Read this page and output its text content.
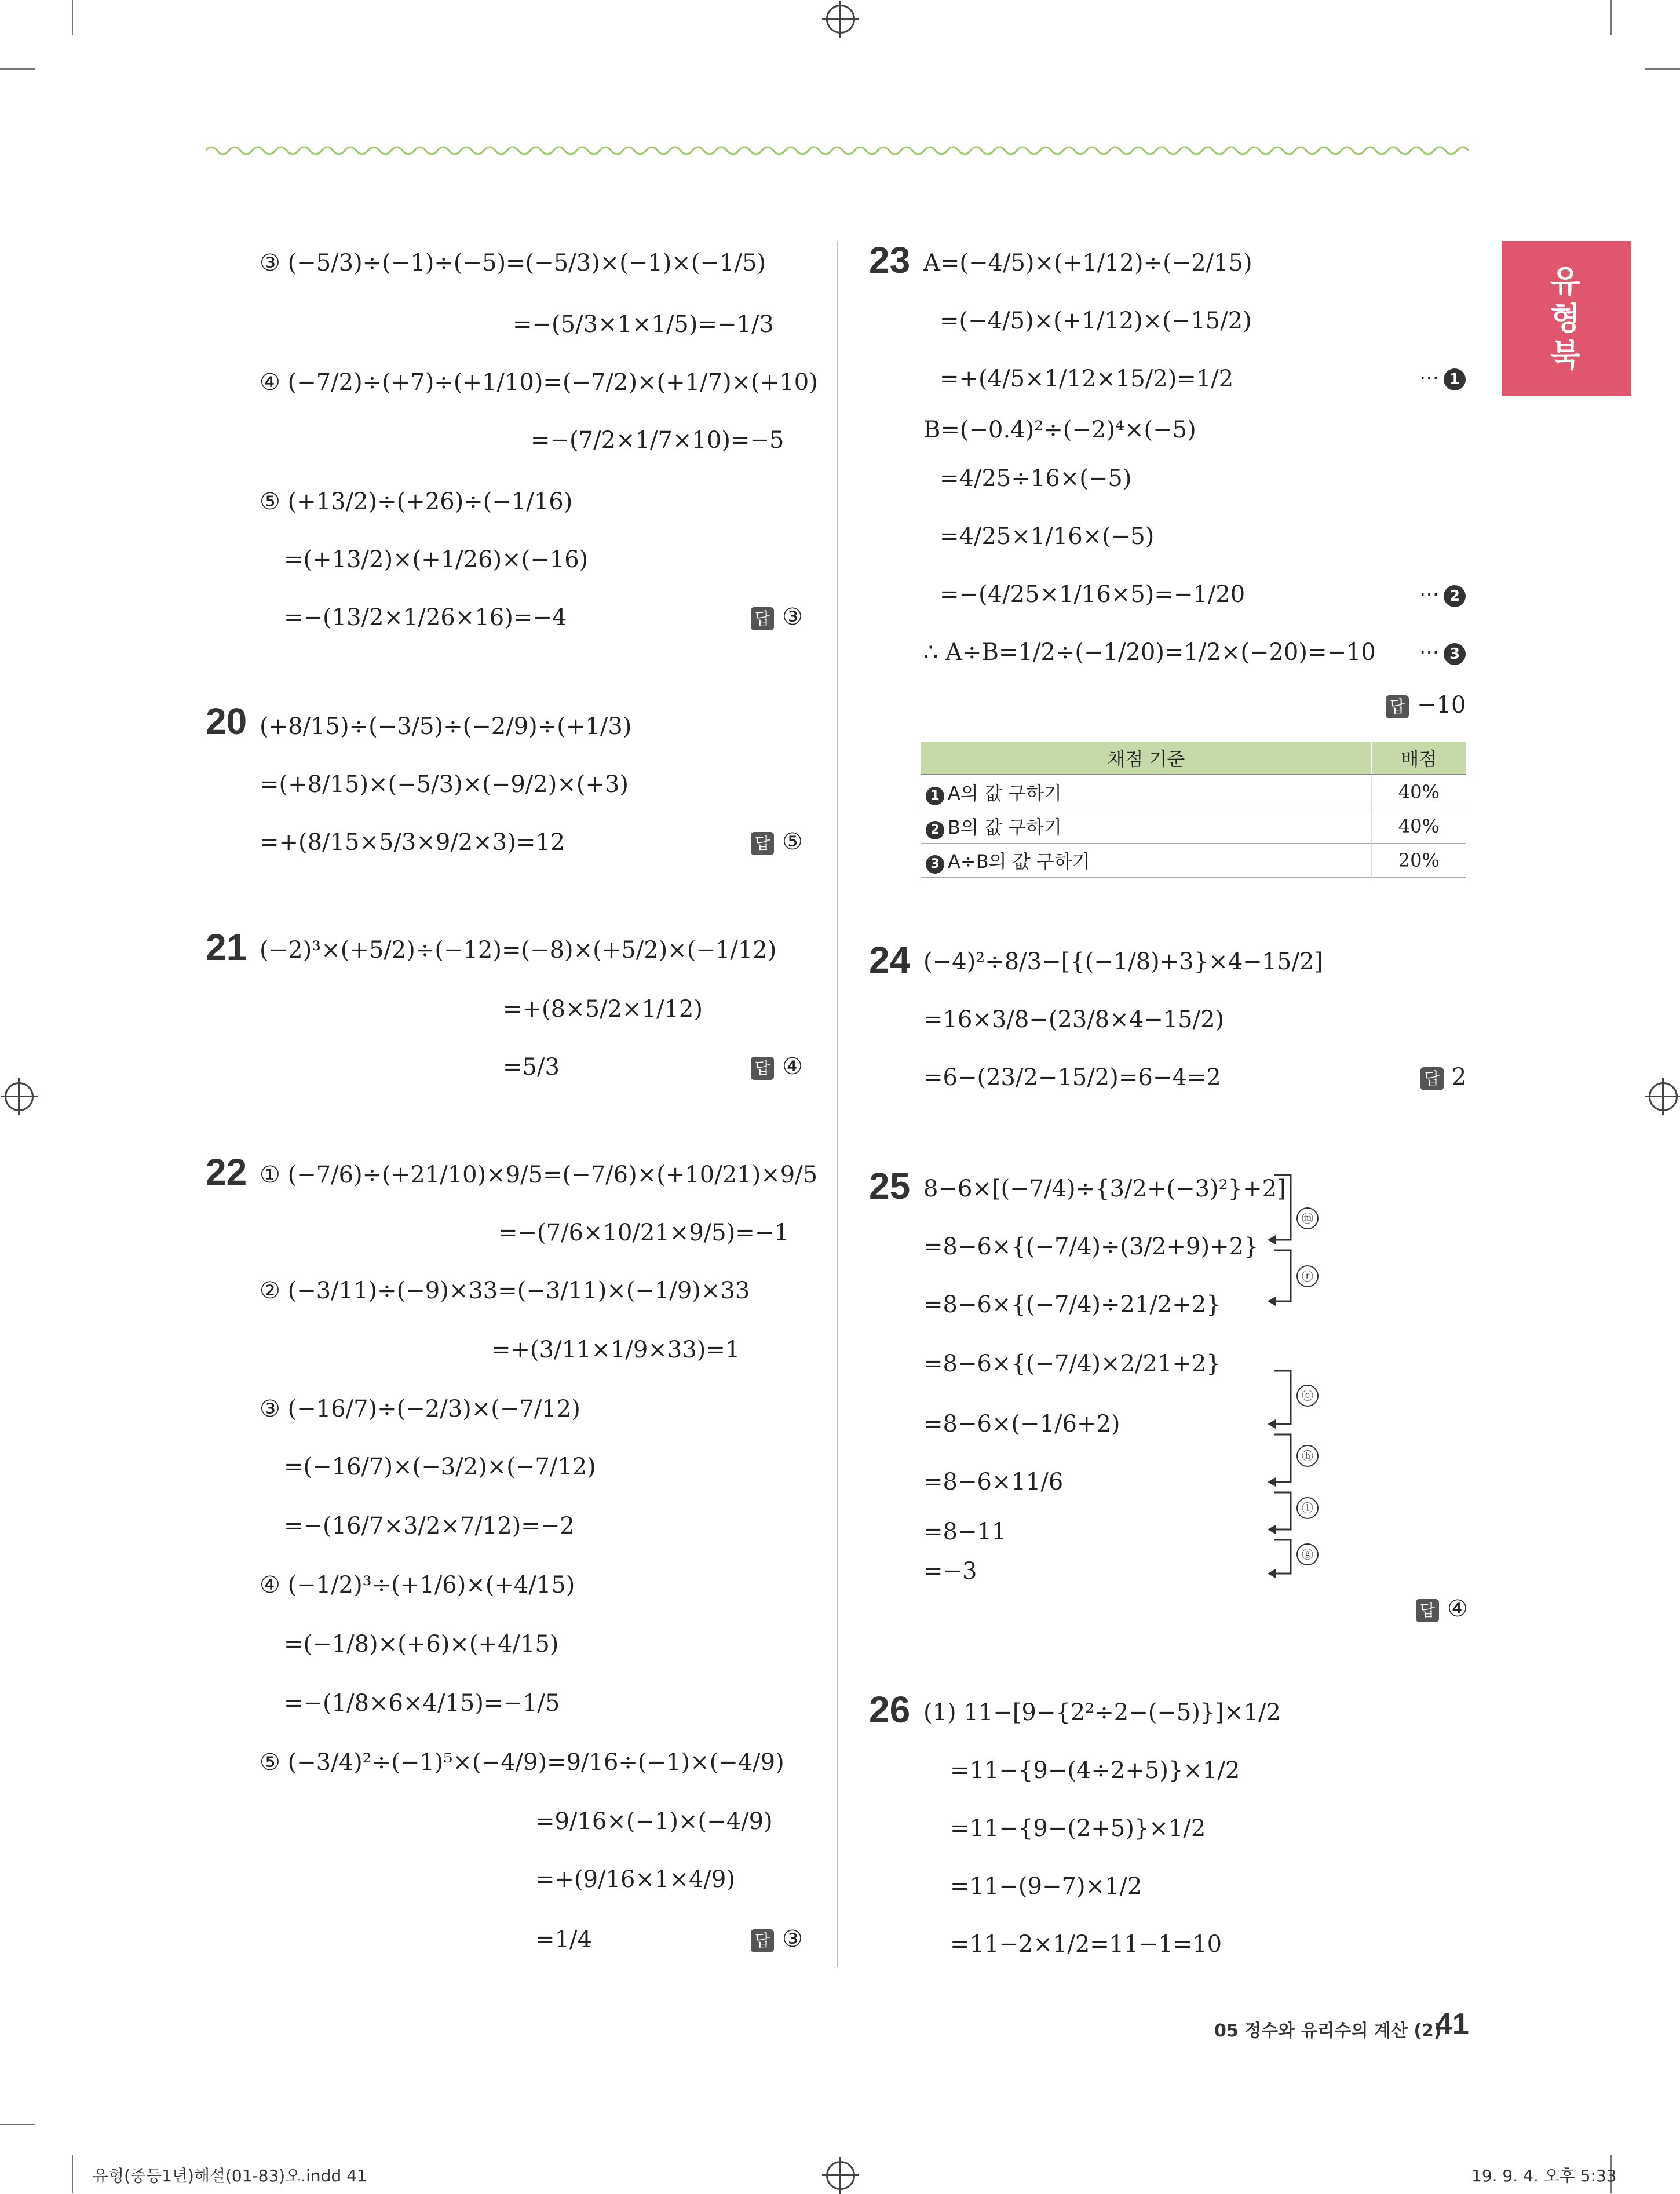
유형북
③ (−5/3)÷(−1)÷(−5)=(−5/3)×(−1)×(−1/5)
=−(5/3×1×1/5)=−1/3
④ (−7/2)÷(+7)÷(+1/10)=(−7/2)×(+1/7)×(+10)
=−(7/2×1/7×10)=−5
⑤ (+13/2)÷(+26)÷(−1/16)
=(+13/2)×(+1/26)×(−16)
=−(13/2×1/26×16)=−4	답 ③
20 (+8/15)÷(−3/5)÷(−2/9)÷(+1/3)
=(+8/15)×(−5/3)×(−9/2)×(+3)
=+(8/15×5/3×9/2×3)=12	답 ⑤
21 (−2)³×(+5/2)÷(−12)=(−8)×(+5/2)×(−1/12)
=+(8×5/2×1/12)
=5/3	답 ④
22 ① (−7/6)÷(+21/10)×9/5=(−7/6)×(+10/21)×9/5
=−(7/6×10/21×9/5)=−1
② (−3/11)÷(−9)×33=(−3/11)×(−1/9)×33
=+(3/11×1/9×33)=1
③ (−16/7)÷(−2/3)×(−7/12)
=(−16/7)×(−3/2)×(−7/12)
=−(16/7×3/2×7/12)=−2
④ (−1/2)³÷(+1/6)×(+4/15)
=(−1/8)×(+6)×(+4/15)
=−(1/8×6×4/15)=−1/5
⑤ (−3/4)²÷(−1)⁵×(−4/9)=9/16÷(−1)×(−4/9)
=9/16×(−1)×(−4/9)
=+(9/16×1×4/9)
=1/4	답 ③
23 A=(−4/5)×(+1/12)÷(−2/15)
=(−4/5)×(+1/12)×(−15/2)
=+(4/5×1/12×15/2)=1/2	⋯ 1
B=(−0.4)²÷(−2)⁴×(−5)
=4/25÷16×(−5)
=4/25×1/16×(−5)
=−(4/25×1/16×5)=−1/20	⋯ 2
∴ A÷B=1/2÷(−1/20)=1/2×(−20)=−10 ⋯ 3
답 −10
채점 기준	배점
1 A의 값 구하기	40%
2 B의 값 구하기	40%
3 A÷B의 값 구하기	20%
24 (−4)²÷8/3−[{(−1/8)+3}×4−15/2]
=16×3/8−(23/8×4−15/2)
=6−(23/2−15/2)=6−4=2	답 2
25 8−6×[(−7/4)÷{3/2+(−3)²}+2]
=8−6×{(−7/4)÷(3/2+9)+2}
=8−6×{(−7/4)÷21/2+2}
=8−6×{(−7/4)×2/21+2}
=8−6×(−1/6+2)
=8−6×11/6
=8−11
=−3
ⓜ
ⓡ
ⓒ
ⓗ
ⓛ
ⓖ
답 ④
26 (1) 11−[9−{2²÷2−(−5)}]×1/2
=11−{9−(4÷2+5)}×1/2
=11−{9−(2+5)}×1/2
=11−(9−7)×1/2
=11−2×1/2=11−1=10
05 정수와 유리수의 계산 (2)
41
유형(중등1년)해설(01-83)오.indd 41	19. 9. 4. 오후 5:33
